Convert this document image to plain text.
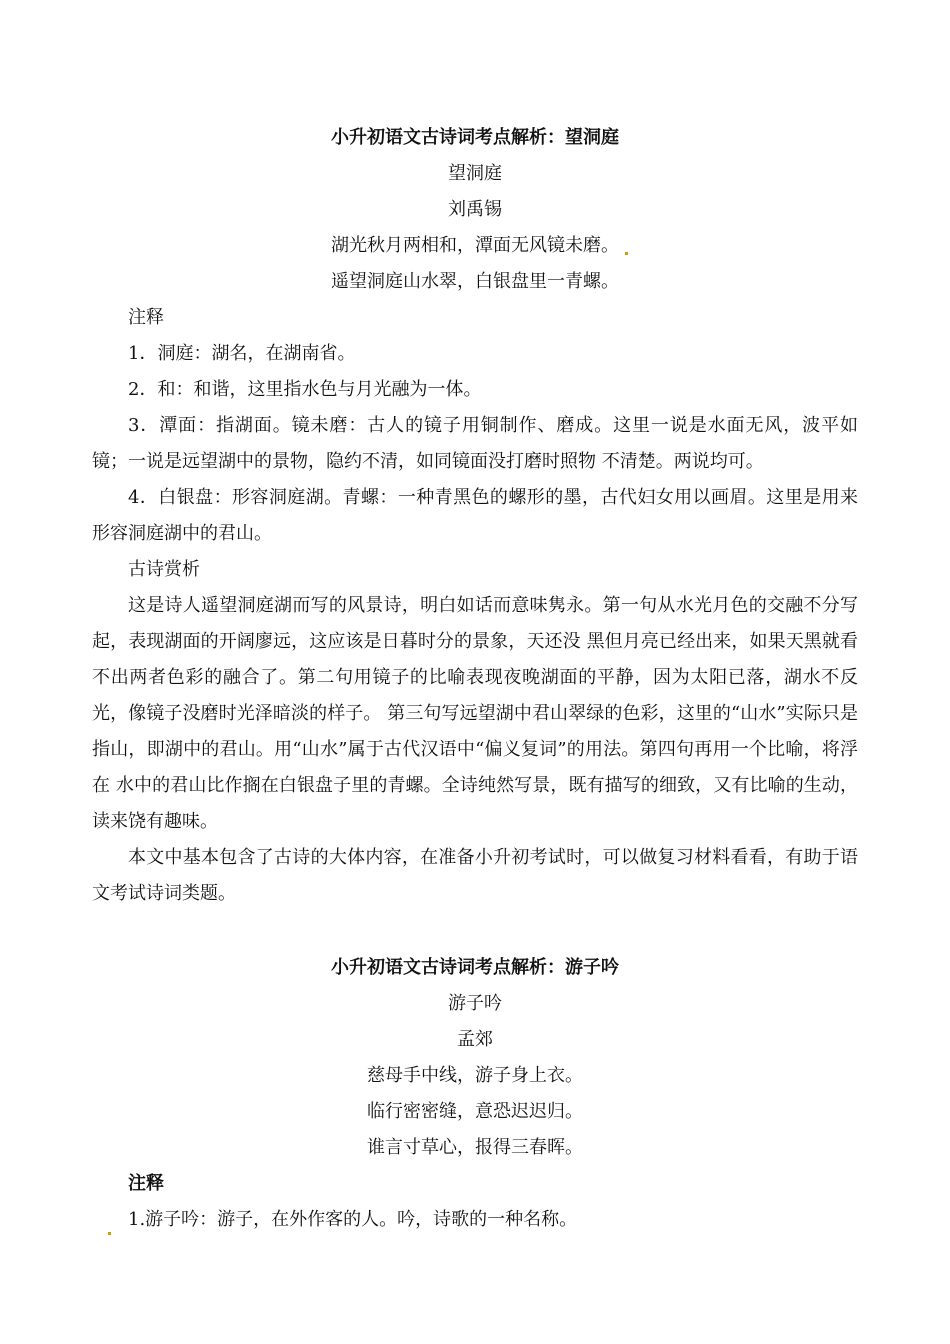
小升初语文古诗词考点解析：望洞庭
望洞庭
刘禹锡
湖光秋月两相和，潭面无风镜未磨。
遥望洞庭山水翠，白银盘里一青螺。
注释
1．洞庭：湖名，在湖南省。
2．和：和谐，这里指水色与月光融为一体。
3．潭面：指湖面。镜未磨：古人的镜子用铜制作、磨成。这里一说是水面无风，波平如镜；一说是远望湖中的景物，隐约不清，如同镜面没打磨时照物 不清楚。两说均可。
4．白银盘：形容洞庭湖。青螺：一种青黑色的螺形的墨，古代妇女用以画眉。这里是用来形容洞庭湖中的君山。
古诗赏析
这是诗人遥望洞庭湖而写的风景诗，明白如话而意味隽永。第一句从水光月色的交融不分写起，表现湖面的开阔廖远，这应该是日暮时分的景象，天还没 黑但月亮已经出来，如果天黑就看不出两者色彩的融合了。第二句用镜子的比喻表现夜晚湖面的平静，因为太阳已落，湖水不反光，像镜子没磨时光泽暗淡的样子。 第三句写远望湖中君山翠绿的色彩，这里的“山水”实际只是指山，即湖中的君山。用“山水”属于古代汉语中“偏义复词”的用法。第四句再用一个比喻，将浮在 水中的君山比作搁在白银盘子里的青螺。全诗纯然写景，既有描写的细致，又有比喻的生动，读来饶有趣味。
本文中基本包含了古诗的大体内容，在准备小升初考试时，可以做复习材料看看，有助于语文考试诗词类题。
小升初语文古诗词考点解析：游子吟
游子吟
孟郊
慈母手中线，游子身上衣。
临行密密缝，意恐迟迟归。
谁言寸草心，报得三春晖。
注释
1.游子吟：游子，在外作客的人。吟，诗歌的一种名称。
